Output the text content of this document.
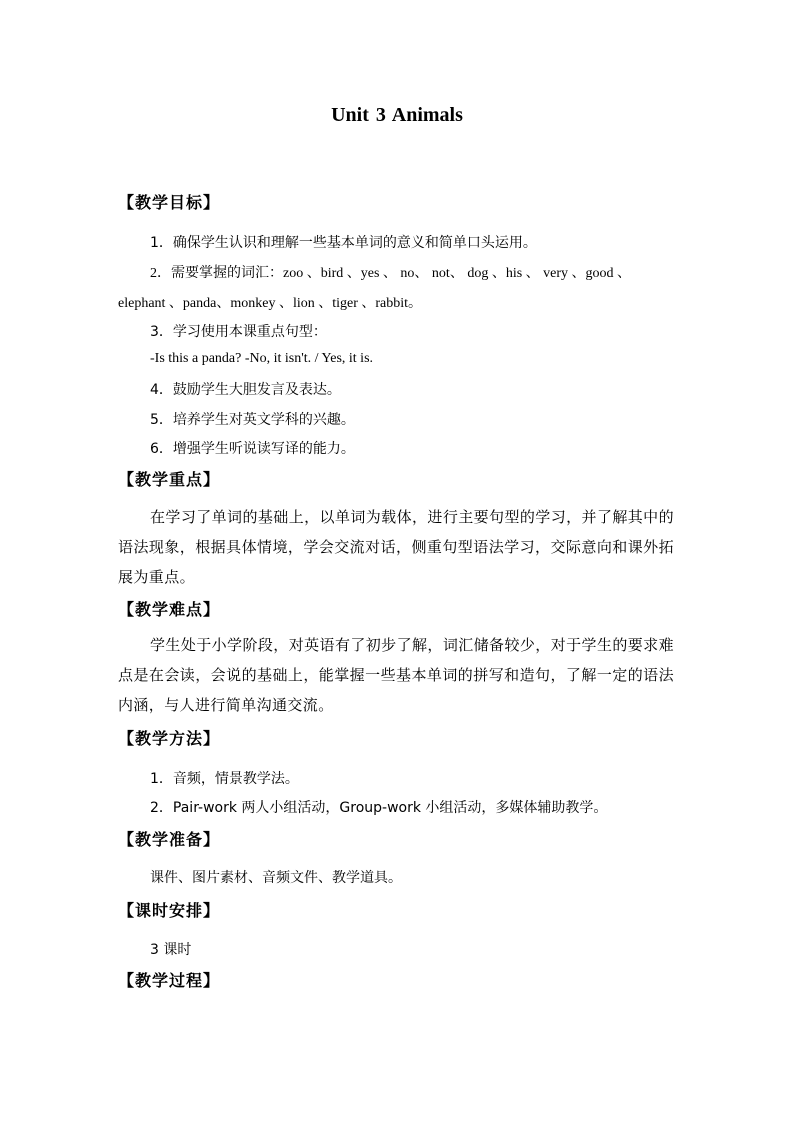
Unit 3 Animals
【教学目标】
1．确保学生认识和理解一些基本单词的意义和简单口头运用。
2．需要掌握的词汇：zoo 、bird 、yes 、 no、 not、 dog 、his 、 very 、good 、
elephant 、panda、monkey 、lion 、tiger 、rabbit。
3．学习使用本课重点句型：
-Is this a panda? -No, it isn't. / Yes, it is.
4．鼓励学生大胆发言及表达。
5．培养学生对英文学科的兴趣。
6．增强学生听说读写译的能力。
【教学重点】
在学习了单词的基础上，以单词为载体，进行主要句型的学习，并了解其中的语法现象，根据具体情境，学会交流对话，侧重句型语法学习，交际意向和课外拓展为重点。
【教学难点】
学生处于小学阶段，对英语有了初步了解，词汇储备较少，对于学生的要求难点是在会读，会说的基础上，能掌握一些基本单词的拼写和造句，了解一定的语法内涵，与人进行简单沟通交流。
【教学方法】
1．音频，情景教学法。
2．Pair-work 两人小组活动，Group-work 小组活动，多媒体辅助教学。
【教学准备】
课件、图片素材、音频文件、教学道具。
【课时安排】
3 课时
【教学过程】
